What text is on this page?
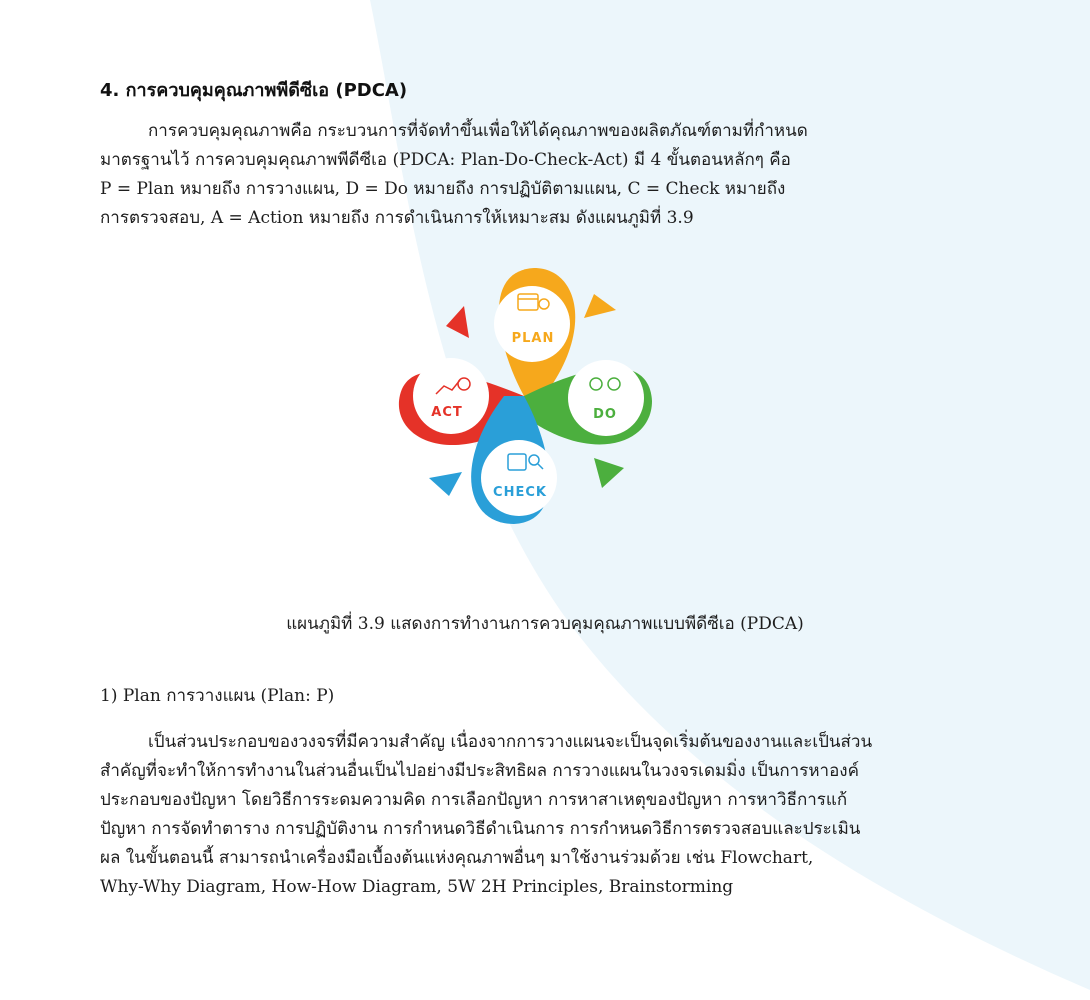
4. การควบคุมคุณภาพพีดีซีเอ (PDCA)
การควบคุมคุณภาพคือ กระบวนการที่จัดทำขึ้นเพื่อให้ได้คุณภาพของผลิตภัณฑ์ตามที่กำหนด
มาตรฐานไว้ การควบคุมคุณภาพพีดีซีเอ (PDCA: Plan-Do-Check-Act) มี 4 ขั้นตอนหลักๆ คือ
P = Plan หมายถึง การวางแผน, D = Do หมายถึง การปฏิบัติตามแผน, C = Check หมายถึง
การตรวจสอบ, A = Action หมายถึง การดำเนินการให้เหมาะสม ดังแผนภูมิที่ 3.9
PLAN
ACT	DO
CHECK
แผนภูมิที่ 3.9 แสดงการทำงานการควบคุมคุณภาพแบบพีดีซีเอ (PDCA)
1) Plan การวางแผน (Plan: P)
เป็นส่วนประกอบของวงจรที่มีความสำคัญ เนื่องจากการวางแผนจะเป็นจุดเริ่มต้นของงานและเป็นส่วน
สำคัญที่จะทำให้การทำงานในส่วนอื่นเป็นไปอย่างมีประสิทธิผล การวางแผนในวงจรเดมมิ่ง เป็นการหาองค์
ประกอบของปัญหา โดยวิธีการระดมความคิด การเลือกปัญหา การหาสาเหตุของปัญหา การหาวิธีการแก้
ปัญหา การจัดทำตาราง การปฏิบัติงาน การกำหนดวิธีดำเนินการ การกำหนดวิธีการตรวจสอบและประเมิน
ผล ในขั้นตอนนี้ สามารถนำเครื่องมือเบื้องต้นแห่งคุณภาพอื่นๆ มาใช้งานร่วมด้วย เช่น Flowchart,
Why-Why Diagram, How-How Diagram, 5W 2H Principles, Brainstorming
